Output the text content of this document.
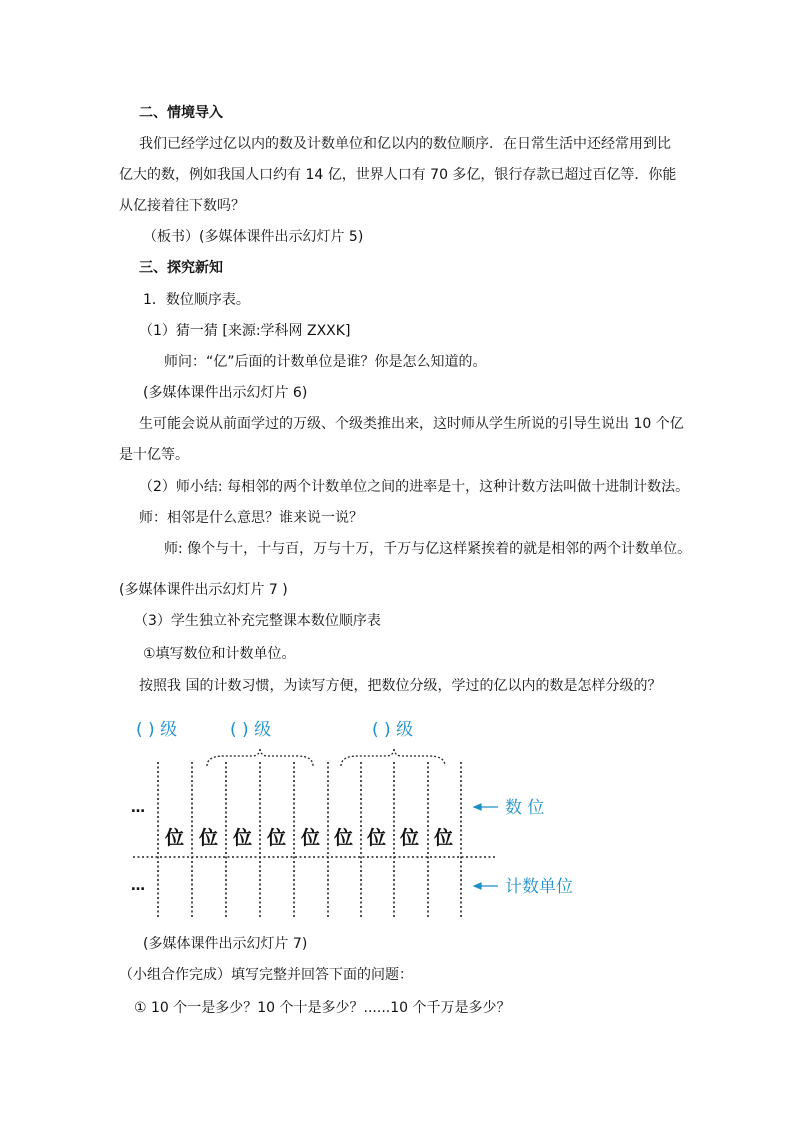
二、情境导入
我们已经学过亿以内的数及计数单位和亿以内的数位顺序．在日常生活中还经常用到比
亿大的数，例如我国人口约有 14 亿，世界人口有 70 多亿，银行存款已超过百亿等．你能
从亿接着往下数吗？
（板书）(多媒体课件出示幻灯片 5)
三、探究新知
1．数位顺序表。
（1）猜一猜 [来源:学科网 ZXXK]
师问：“亿”后面的计数单位是谁？你是怎么知道的。
(多媒体课件出示幻灯片 6)
生可能会说从前面学过的万级、个级类推出来，这时师从学生所说的引导生说出 10 个亿
是十亿等。
（2）师小结: 每相邻的两个计数单位之间的进率是十，这种计数方法叫做十进制计数法。
师：相邻是什么意思？谁来说一说？
师: 像个与十，十与百，万与十万，千万与亿这样紧挨着的就是相邻的两个计数单位。
(多媒体课件出示幻灯片 7 )
（3）学生独立补充完整课本数位顺序表
①填写数位和计数单位。
按照我 国的计数习惯，为读写方便，把数位分级，学过的亿以内的数是怎样分级的？
( ) 级	( ) 级	( ) 级
…
…
位 位 位 位 位 位 位 位 位
数 位
计数单位
(多媒体课件出示幻灯片 7)
（小组合作完成）填写完整并回答下面的问题：
① 10 个一是多少？10 个十是多少？......10 个千万是多少？
